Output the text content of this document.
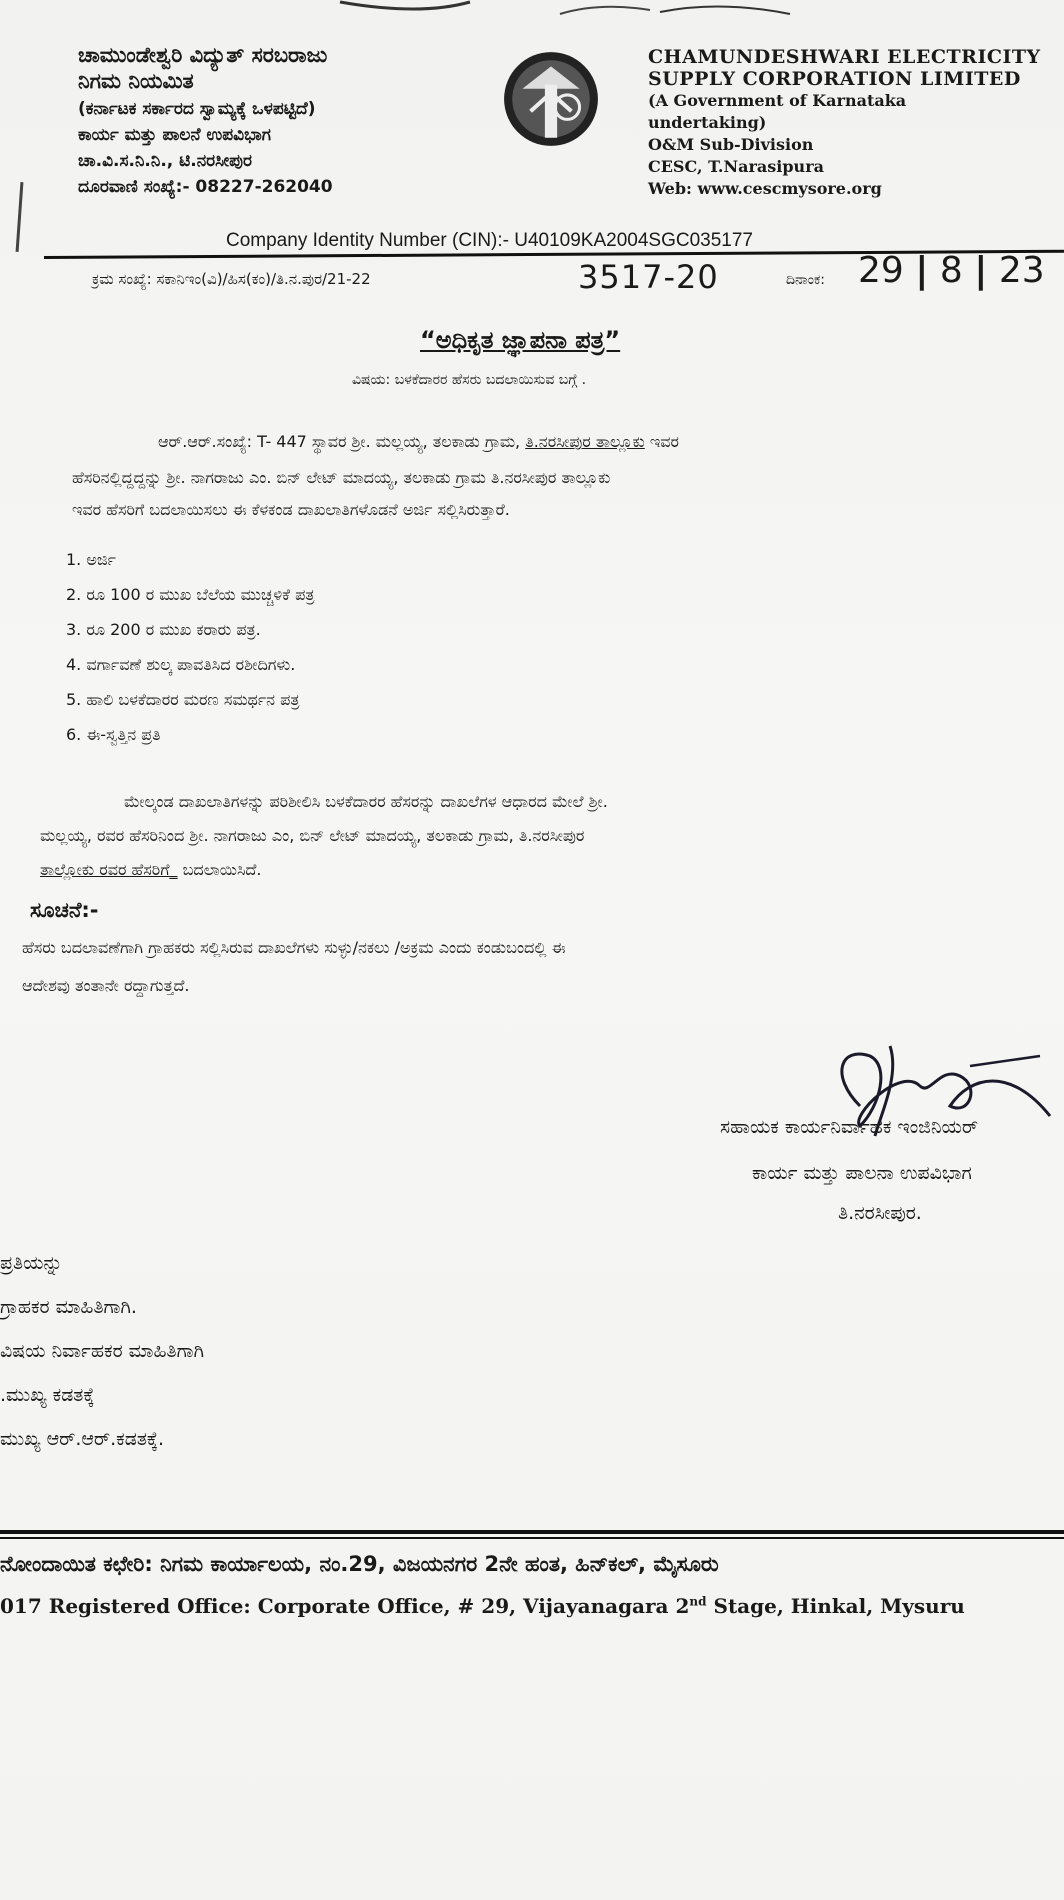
ಚಾಮುಂಡೇಶ್ವರಿ ವಿದ್ಯುತ್ ಸರಬರಾಜು
ನಿಗಮ ನಿಯಮಿತ
(ಕರ್ನಾಟಕ ಸರ್ಕಾರದ ಸ್ವಾಮ್ಯಕ್ಕೆ ಒಳಪಟ್ಟಿದೆ)
ಕಾರ್ಯ ಮತ್ತು ಪಾಲನೆ ಉಪವಿಭಾಗ
ಚಾ.ವಿ.ಸ.ನಿ.ನಿ., ಟಿ.ನರಸೀಪುರ
ದೂರವಾಣಿ ಸಂಖ್ಯೆ:- 08227-262040
CHAMUNDESHWARI ELECTRICITY
SUPPLY CORPORATION LIMITED
(A Government of Karnataka
undertaking)
O&M Sub-Division
CESC, T.Narasipura
Web: www.cescmysore.org
Company Identity Number (CIN):- U40109KA2004SGC035177
ಕ್ರಮ ಸಂಖ್ಯೆ: ಸಕಾನಿಇಂ(ವಿ)/ಹಿಸ(ಕಂ)/ತಿ.ನ.ಪುರ/21-22	3517-20	ದಿನಾಂಕ: 29 | 8 | 23
“ಅಧಿಕೃತ ಜ್ಞಾಪನಾ ಪತ್ರ”
ವಿಷಯ: ಬಳಕೆದಾರರ ಹೆಸರು ಬದಲಾಯಿಸುವ ಬಗ್ಗೆ .
ಆರ್.ಆರ್.ಸಂಖ್ಯೆ: T- 447 ಸ್ಥಾವರ ಶ್ರೀ. ಮಲ್ಲಯ್ಯ, ತಲಕಾಡು ಗ್ರಾಮ, ತಿ.ನರಸೀಪುರ ತಾಲ್ಲೂಕು ಇವರ
ಹೆಸರಿನಲ್ಲಿದ್ದದ್ದನ್ನು ಶ್ರೀ. ನಾಗರಾಜು ಎಂ. ಬಿನ್ ಲೇಟ್ ಮಾದಯ್ಯ, ತಲಕಾಡು ಗ್ರಾಮ ತಿ.ನರಸೀಪುರ ತಾಲ್ಲೂಕು
ಇವರ ಹೆಸರಿಗೆ ಬದಲಾಯಿಸಲು ಈ ಕೆಳಕಂಡ ದಾಖಲಾತಿಗಳೊಡನೆ ಅರ್ಜಿ ಸಲ್ಲಿಸಿರುತ್ತಾರೆ.
1. ಅರ್ಜಿ
2. ರೂ 100 ರ ಮುಖ ಬೆಲೆಯ ಮುಚ್ಚಳಿಕೆ ಪತ್ರ
3. ರೂ 200 ರ ಮುಖ ಕರಾರು ಪತ್ರ.
4. ವರ್ಗಾವಣೆ ಶುಲ್ಕ ಪಾವತಿಸಿದ ರಶೀದಿಗಳು.
5. ಹಾಲಿ ಬಳಕೆದಾರರ ಮರಣ ಸಮರ್ಥನ ಪತ್ರ
6. ಈ-ಸ್ವತ್ತಿನ ಪ್ರತಿ
ಮೇಲ್ಕಂಡ ದಾಖಲಾತಿಗಳನ್ನು ಪರಿಶೀಲಿಸಿ ಬಳಕೆದಾರರ ಹೆಸರನ್ನು ದಾಖಲೆಗಳ ಆಧಾರದ ಮೇಲೆ ಶ್ರೀ.
ಮಲ್ಲಯ್ಯ, ರವರ ಹೆಸರಿನಿಂದ ಶ್ರೀ. ನಾಗರಾಜು ಎಂ, ಬಿನ್ ಲೇಟ್ ಮಾದಯ್ಯ, ತಲಕಾಡು ಗ್ರಾಮ, ತಿ.ನರಸೀಪುರ
ತಾಲ್ಲೋಕು ರವರ ಹೆಸರಿಗೆ_ ಬದಲಾಯಿಸಿದೆ.
ಸೂಚನೆ:-
ಹೆಸರು ಬದಲಾವಣೆಗಾಗಿ ಗ್ರಾಹಕರು ಸಲ್ಲಿಸಿರುವ ದಾಖಲೆಗಳು ಸುಳ್ಳು/ನಕಲು /ಅಕ್ರಮ ಎಂದು ಕಂಡುಬಂದಲ್ಲಿ ಈ
ಆದೇಶವು ತಂತಾನೇ ರದ್ದಾಗುತ್ತದೆ.
ಸಹಾಯಕ ಕಾರ್ಯನಿರ್ವಾಹಕ ಇಂಜಿನಿಯರ್
ಕಾರ್ಯ ಮತ್ತು ಪಾಲನಾ ಉಪವಿಭಾಗ
ತಿ.ನರಸೀಪುರ.
ಪ್ರತಿಯನ್ನು
ಗ್ರಾಹಕರ ಮಾಹಿತಿಗಾಗಿ.
ವಿಷಯ ನಿರ್ವಾಹಕರ ಮಾಹಿತಿಗಾಗಿ
.ಮುಖ್ಯ ಕಡತಕ್ಕೆ
ಮುಖ್ಯ ಆರ್.ಆರ್.ಕಡತಕ್ಕೆ.
ನೋಂದಾಯಿತ ಕಛೇರಿ: ನಿಗಮ ಕಾರ್ಯಾಲಯ, ನಂ.29, ವಿಜಯನಗರ 2ನೇ ಹಂತ, ಹಿನ್‌ಕಲ್, ಮೈಸೂರು
017 Registered Office: Corporate Office, # 29, Vijayanagara 2nd Stage, Hinkal, Mysuru
